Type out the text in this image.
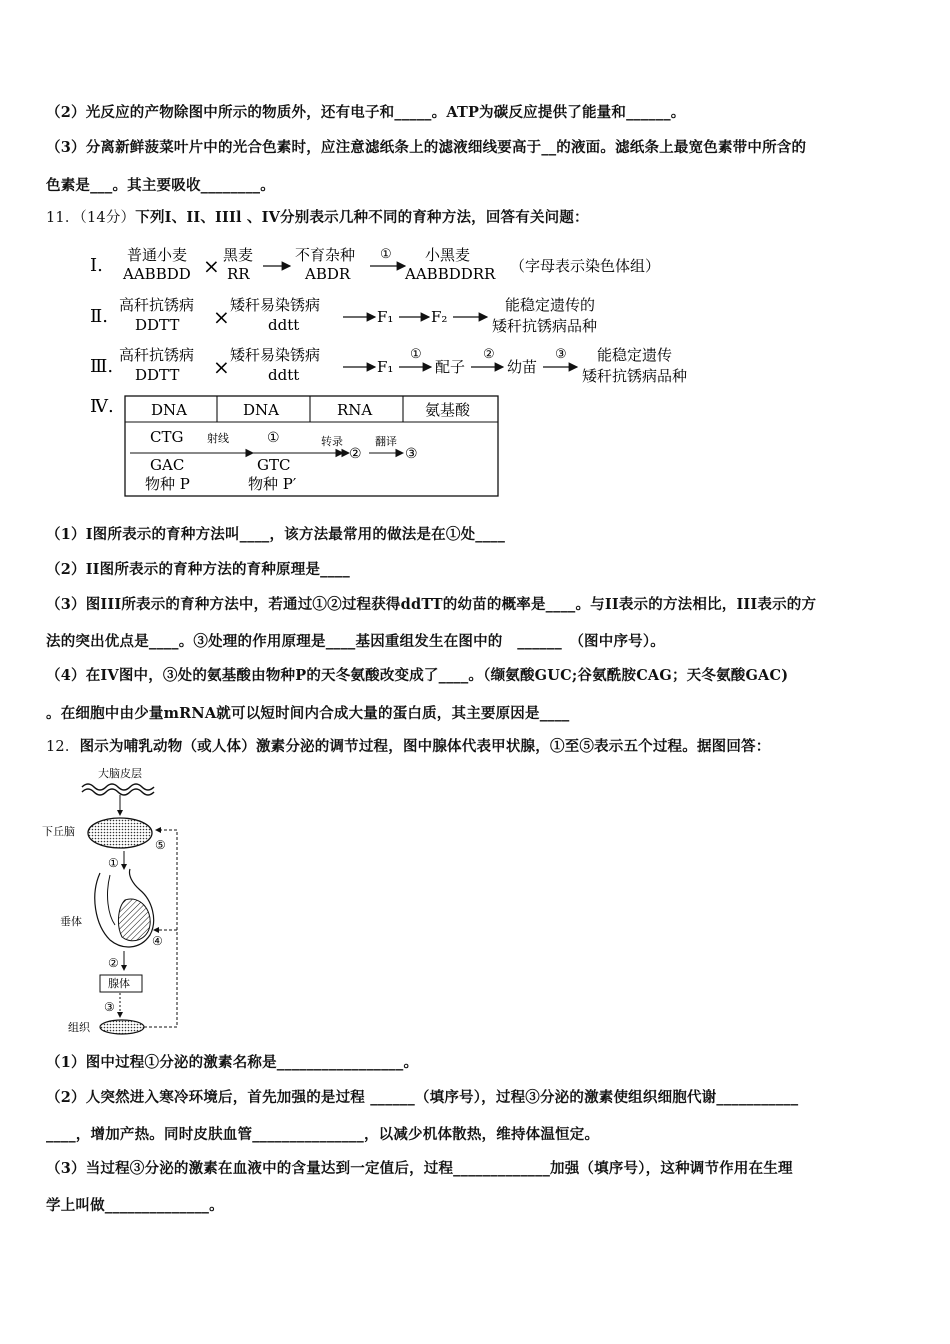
（2）光反应的产物除图中所示的物质外，还有电子和_____。ATP为碳反应提供了能量和______。
（3）分离新鲜菠菜叶片中的光合色素时，应注意滤纸条上的滤液细线要高于__的液面。滤纸条上最宽色素带中所含的
色素是___。其主要吸收________。
11．（14分）下列I、II、IIIl 、IV分别表示几种不同的育种方法，回答有关问题：
Ⅰ. 普通小麦
AABBDD × 黑麦
RR
不育杂种
ABDR
① 小黑麦
AABBDDRR （字母表示染色体组）
Ⅱ.
高秆抗锈病
DDTT × 矮秆易染锈病
ddtt	F₁	F₂
能稳定遗传的
矮秆抗锈病品种
Ⅲ.
高秆抗锈病
DDTT × 矮秆易染锈病
ddtt	F₁
①
配子
②
幼苗
③ 能稳定遗传
矮秆抗锈病品种
Ⅳ. DNA	DNA	RNA	氨基酸
CTG
GAC
物种 P
射线	①
GTC
物种 P′
转录
②
翻译
③
（1）I图所表示的育种方法叫____，该方法最常用的做法是在①处____
（2）II图所表示的育种方法的育种原理是____
（3）图III所表示的育种方法中，若通过①②过程获得ddTT的幼苗的概率是____。与II表示的方法相比，III表示的方
法的突出优点是____。③处理的作用原理是____基因重组发生在图中的　______　（图中序号）。
（4）在IV图中，③处的氨基酸由物种P的天冬氨酸改变成了____。（缬氨酸GUC;谷氨酰胺CAG；天冬氨酸GAC)
。在细胞中由少量mRNA就可以短时间内合成大量的蛋白质，其主要原因是____
12．图示为哺乳动物（或人体）激素分泌的调节过程，图中腺体代表甲状腺，①至⑤表示五个过程。据图回答：
大脑皮层
下丘脑
①
垂体
②
腺体
③
组织
⑤
④
（1）图中过程①分泌的激素名称是_________________。
（2）人突然进入寒冷环境后，首先加强的是过程 ______（填序号），过程③分泌的激素使组织细胞代谢___________
____，增加产热。同时皮肤血管_______________，以减少机体散热，维持体温恒定。
（3）当过程③分泌的激素在血液中的含量达到一定值后，过程_____________加强（填序号），这种调节作用在生理
学上叫做______________。
